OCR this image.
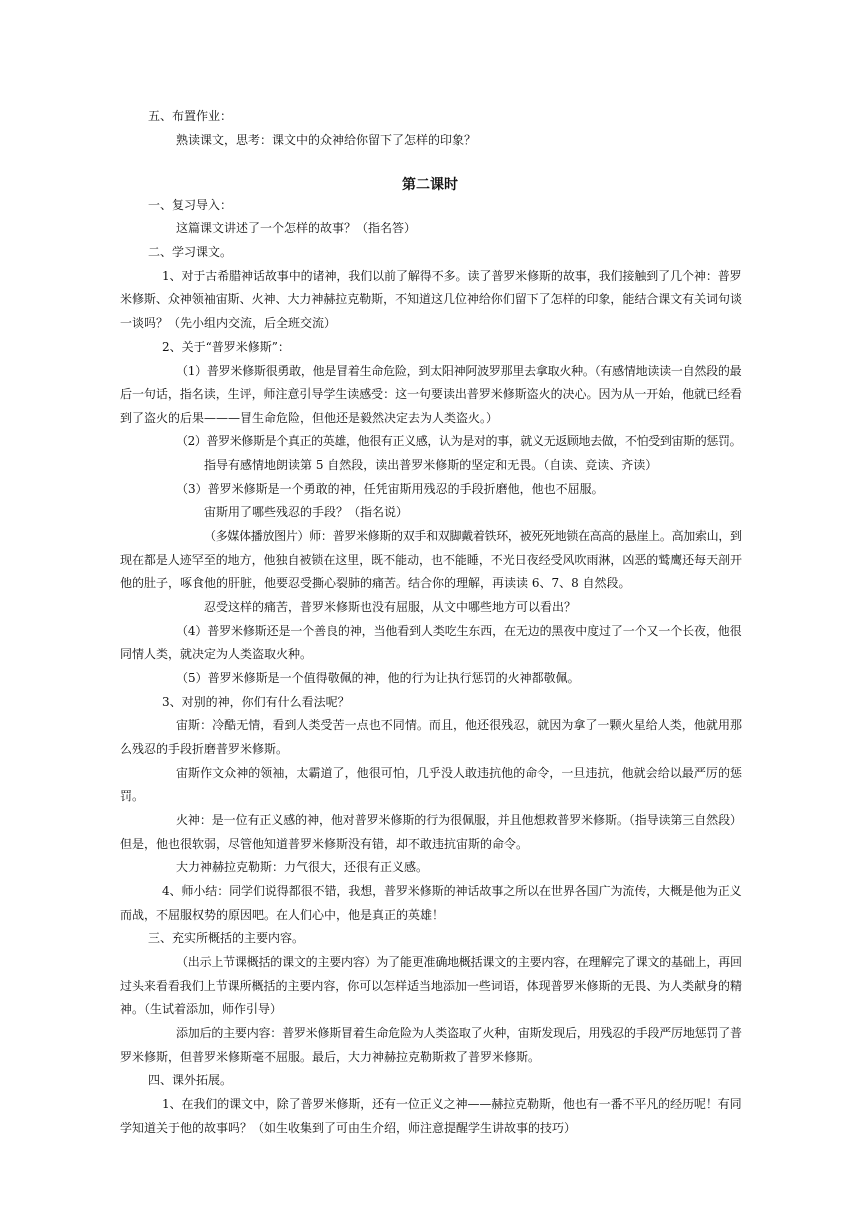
第二课时
五、布置作业：
熟读课文，思考：课文中的众神给你留下了怎样的印象？
一、复习导入：
这篇课文讲述了一个怎样的故事？（指名答）
二、学习课文。
1、对于古希腊神话故事中的诸神，我们以前了解得不多。读了普罗米修斯的故事，我们接触到了几个神：普罗
米修斯、众神领袖宙斯、火神、大力神赫拉克勒斯，不知道这几位神给你们留下了怎样的印象，能结合课文有关词句谈
一谈吗？（先小组内交流，后全班交流）
2、关于“普罗米修斯”：
（1）普罗米修斯很勇敢，他是冒着生命危险，到太阳神阿波罗那里去拿取火种。（有感情地读读一自然段的最
后一句话，指名读，生评，师注意引导学生读感受：这一句要读出普罗米修斯盗火的决心。因为从一开始，他就已经看
到了盗火的后果———冒生命危险，但他还是毅然决定去为人类盗火。）
（2）普罗米修斯是个真正的英雄，他很有正义感，认为是对的事，就义无返顾地去做，不怕受到宙斯的惩罚。
指导有感情地朗读第 5 自然段，读出普罗米修斯的坚定和无畏。（自读、竞读、齐读）
（3）普罗米修斯是一个勇敢的神，任凭宙斯用残忍的手段折磨他，他也不屈服。
宙斯用了哪些残忍的手段？（指名说）
（多媒体播放图片）师：普罗米修斯的双手和双脚戴着铁环，被死死地锁在高高的悬崖上。高加索山，到
现在都是人迹罕至的地方，他独自被锁在这里，既不能动，也不能睡，不光日夜经受风吹雨淋，凶恶的鹫鹰还每天剖开
他的肚子，啄食他的肝脏，他要忍受撕心裂肺的痛苦。结合你的理解，再读读 6、7、8 自然段。
忍受这样的痛苦，普罗米修斯也没有屈服，从文中哪些地方可以看出？
（4）普罗米修斯还是一个善良的神，当他看到人类吃生东西，在无边的黑夜中度过了一个又一个长夜，他很
同情人类，就决定为人类盗取火种。
（5）普罗米修斯是一个值得敬佩的神，他的行为让执行惩罚的火神都敬佩。
3、对别的神，你们有什么看法呢？
宙斯：冷酷无情，看到人类受苦一点也不同情。而且，他还很残忍，就因为拿了一颗火星给人类，他就用那
么残忍的手段折磨普罗米修斯。
宙斯作文众神的领袖，太霸道了，他很可怕，几乎没人敢违抗他的命令，一旦违抗，他就会给以最严厉的惩
罚。
火神：是一位有正义感的神，他对普罗米修斯的行为很佩服，并且他想救普罗米修斯。（指导读第三自然段）
但是，他也很软弱，尽管他知道普罗米修斯没有错，却不敢违抗宙斯的命令。
大力神赫拉克勒斯：力气很大，还很有正义感。
4、师小结：同学们说得都很不错，我想，普罗米修斯的神话故事之所以在世界各国广为流传，大概是他为正义
而战，不屈服权势的原因吧。在人们心中，他是真正的英雄！
三、充实所概括的主要内容。
（出示上节课概括的课文的主要内容）为了能更准确地概括课文的主要内容，在理解完了课文的基础上，再回
过头来看看我们上节课所概括的主要内容，你可以怎样适当地添加一些词语，体现普罗米修斯的无畏、为人类献身的精
神。（生试着添加，师作引导）
添加后的主要内容：普罗米修斯冒着生命危险为人类盗取了火种，宙斯发现后，用残忍的手段严厉地惩罚了普
罗米修斯，但普罗米修斯毫不屈服。最后，大力神赫拉克勒斯救了普罗米修斯。
四、课外拓展。
1、在我们的课文中，除了普罗米修斯，还有一位正义之神——赫拉克勒斯，他也有一番不平凡的经历呢！有同
学知道关于他的故事吗？（如生收集到了可由生介绍，师注意提醒学生讲故事的技巧）
